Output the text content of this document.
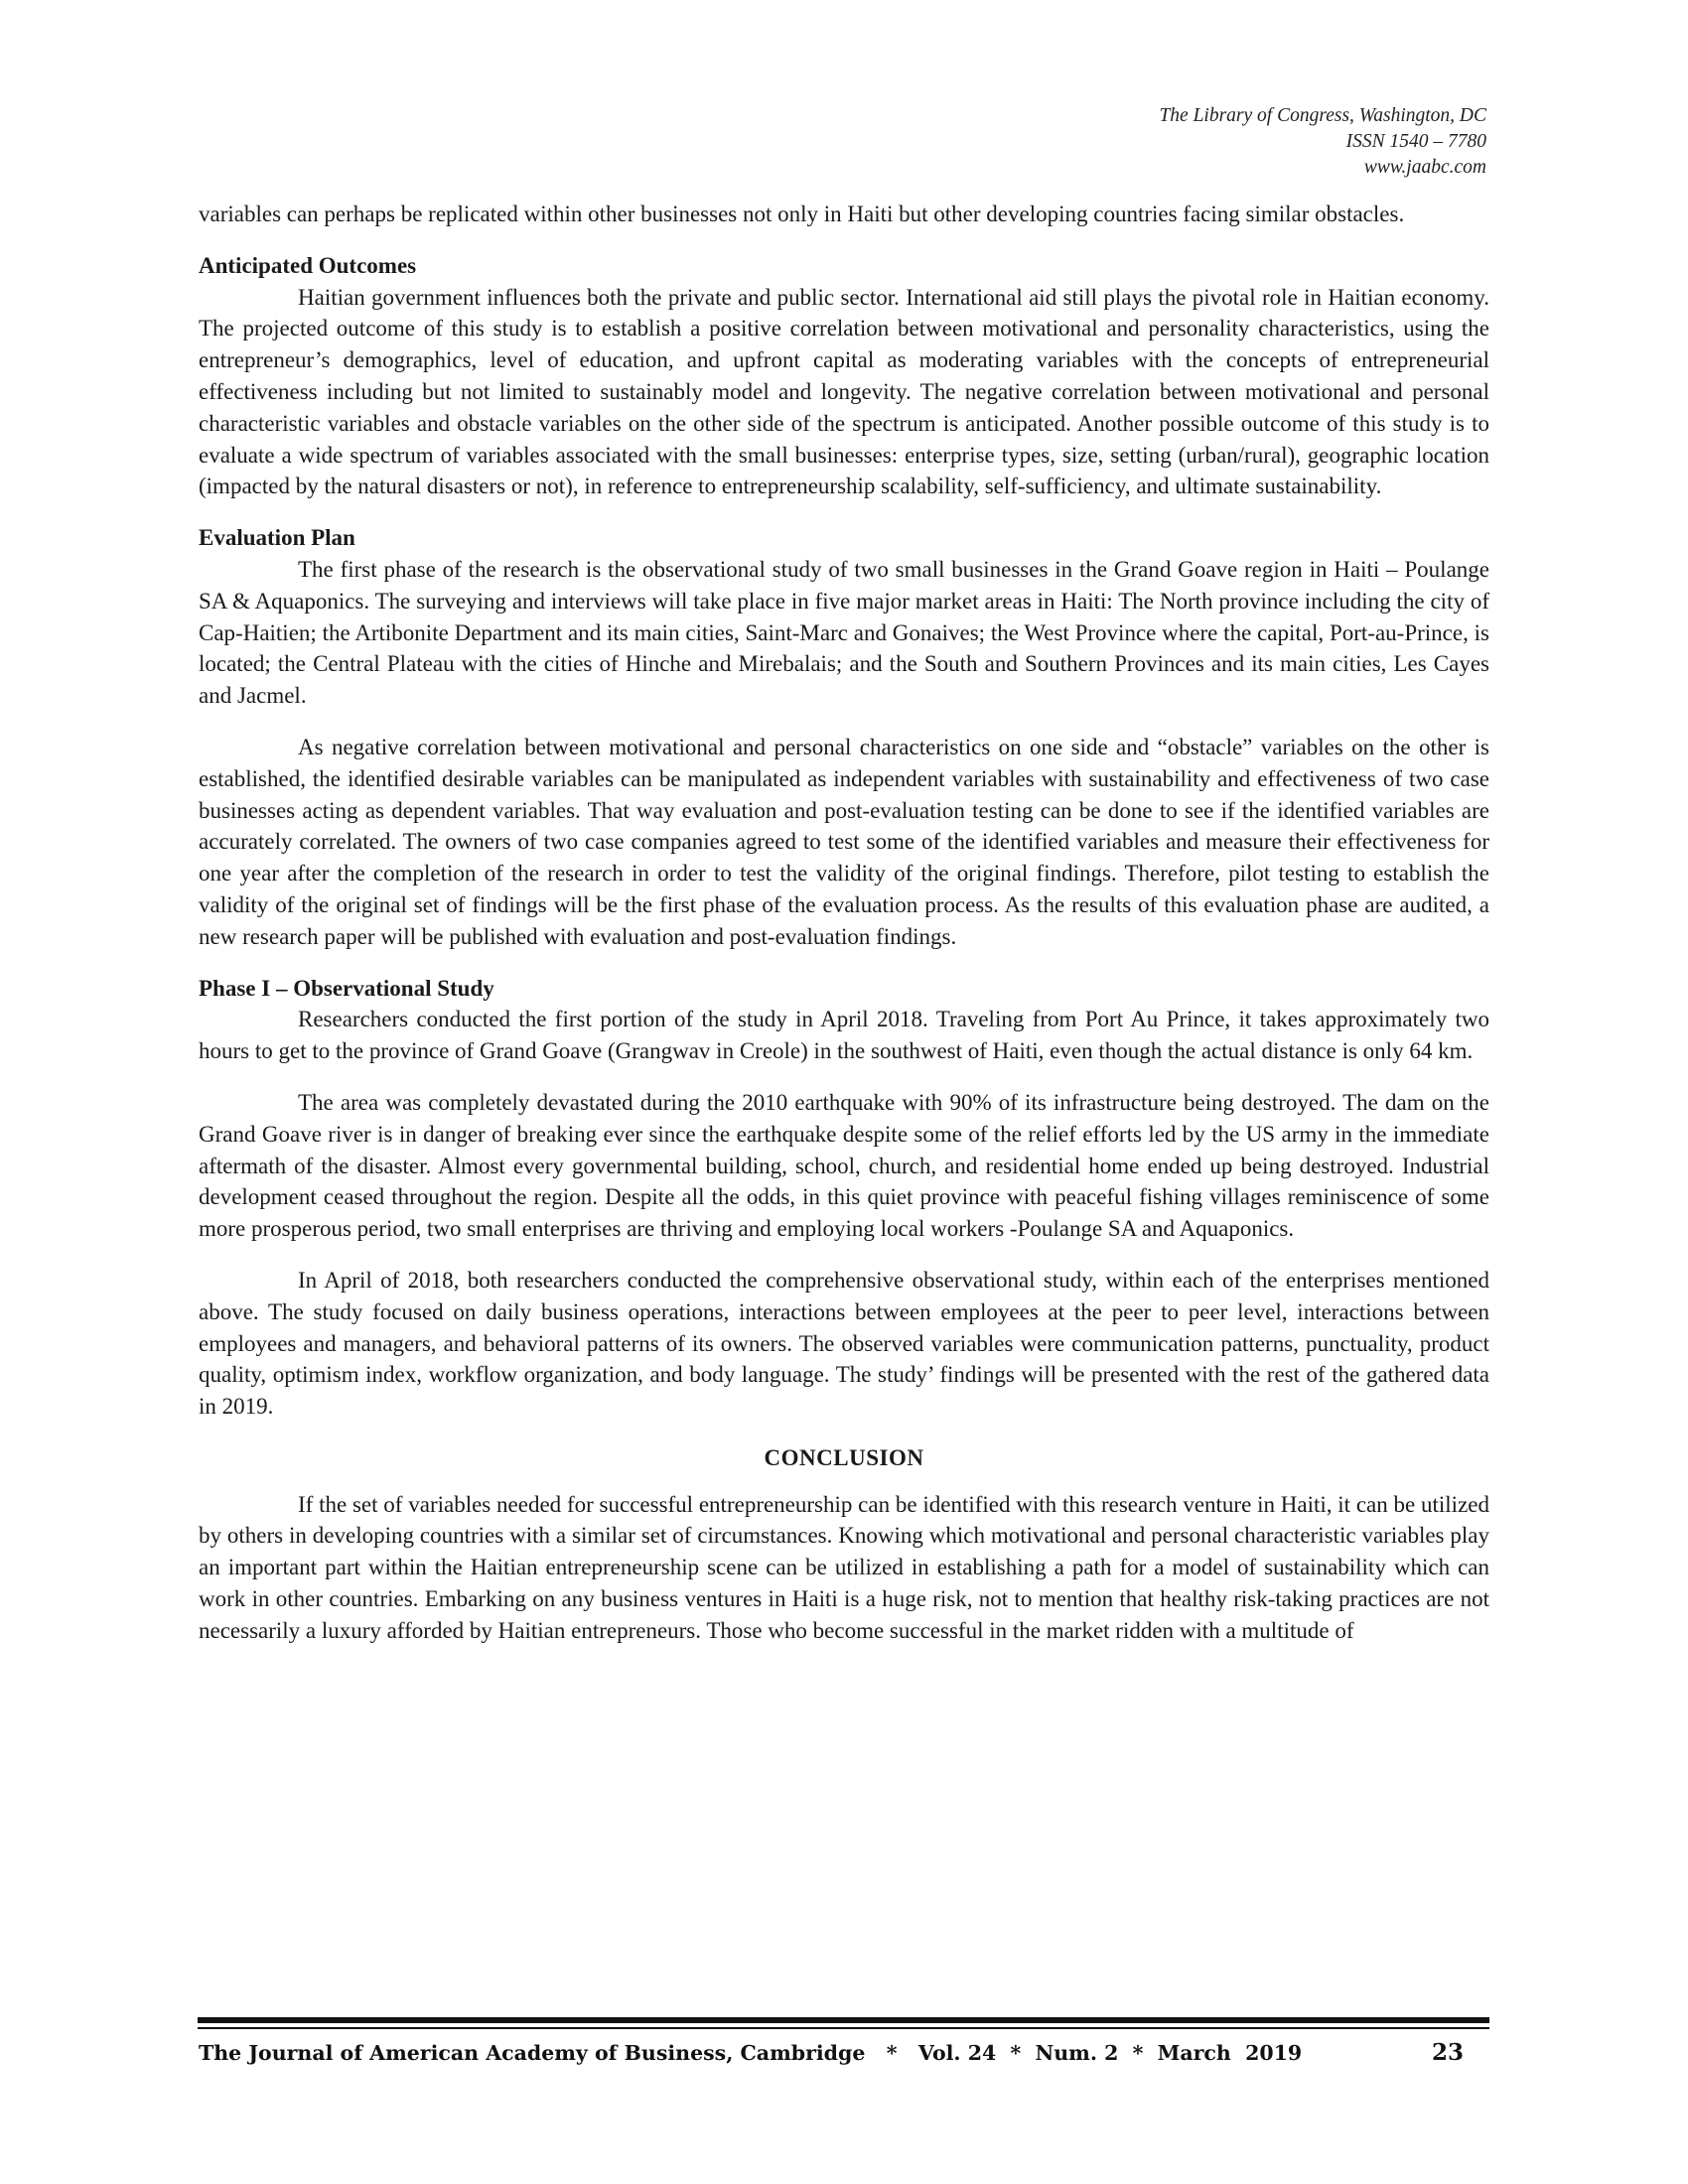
The Library of Congress, Washington, DC
ISSN 1540 – 7780
www.jaabc.com

variables can perhaps be replicated within other businesses not only in Haiti but other developing countries facing similar obstacles.

Anticipated Outcomes

Haitian government influences both the private and public sector. International aid still plays the pivotal role in Haitian economy. The projected outcome of this study is to establish a positive correlation between motivational and personality characteristics, using the entrepreneur’s demographics, level of education, and upfront capital as moderating variables with the concepts of entrepreneurial effectiveness including but not limited to sustainably model and longevity. The negative correlation between motivational and personal characteristic variables and obstacle variables on the other side of the spectrum is anticipated. Another possible outcome of this study is to evaluate a wide spectrum of variables associated with the small businesses: enterprise types, size, setting (urban/rural), geographic location (impacted by the natural disasters or not), in reference to entrepreneurship scalability, self-sufficiency, and ultimate sustainability.

Evaluation Plan

The first phase of the research is the observational study of two small businesses in the Grand Goave region in Haiti – Poulange SA & Aquaponics. The surveying and interviews will take place in five major market areas in Haiti: The North province including the city of Cap-Haitien; the Artibonite Department and its main cities, Saint-Marc and Gonaives; the West Province where the capital, Port-au-Prince, is located; the Central Plateau with the cities of Hinche and Mirebalais; and the South and Southern Provinces and its main cities, Les Cayes and Jacmel.

As negative correlation between motivational and personal characteristics on one side and “obstacle” variables on the other is established, the identified desirable variables can be manipulated as independent variables with sustainability and effectiveness of two case businesses acting as dependent variables. That way evaluation and post-evaluation testing can be done to see if the identified variables are accurately correlated. The owners of two case companies agreed to test some of the identified variables and measure their effectiveness for one year after the completion of the research in order to test the validity of the original findings. Therefore, pilot testing to establish the validity of the original set of findings will be the first phase of the evaluation process. As the results of this evaluation phase are audited, a new research paper will be published with evaluation and post-evaluation findings.

Phase I – Observational Study

Researchers conducted the first portion of the study in April 2018. Traveling from Port Au Prince, it takes approximately two hours to get to the province of Grand Goave (Grangwav in Creole) in the southwest of Haiti, even though the actual distance is only 64 km.

The area was completely devastated during the 2010 earthquake with 90% of its infrastructure being destroyed. The dam on the Grand Goave river is in danger of breaking ever since the earthquake despite some of the relief efforts led by the US army in the immediate aftermath of the disaster. Almost every governmental building, school, church, and residential home ended up being destroyed. Industrial development ceased throughout the region. Despite all the odds, in this quiet province with peaceful fishing villages reminiscence of some more prosperous period, two small enterprises are thriving and employing local workers -Poulange SA and Aquaponics.

In April of 2018, both researchers conducted the comprehensive observational study, within each of the enterprises mentioned above. The study focused on daily business operations, interactions between employees at the peer to peer level, interactions between employees and managers, and behavioral patterns of its owners. The observed variables were communication patterns, punctuality, product quality, optimism index, workflow organization, and body language. The study’ findings will be presented with the rest of the gathered data in 2019.

CONCLUSION

If the set of variables needed for successful entrepreneurship can be identified with this research venture in Haiti, it can be utilized by others in developing countries with a similar set of circumstances. Knowing which motivational and personal characteristic variables play an important part within the Haitian entrepreneurship scene can be utilized in establishing a path for a model of sustainability which can work in other countries. Embarking on any business ventures in Haiti is a huge risk, not to mention that healthy risk-taking practices are not necessarily a luxury afforded by Haitian entrepreneurs. Those who become successful in the market ridden with a multitude of

The Journal of American Academy of Business, Cambridge   *   Vol. 24  *  Num. 2  *  March  2019	23
